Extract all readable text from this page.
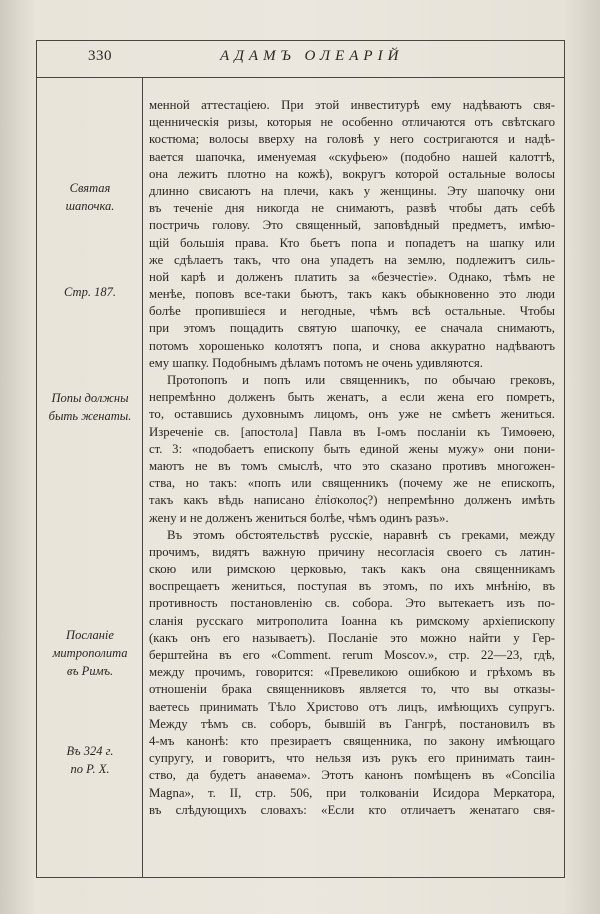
330	АДАМЪ ОЛЕАРІЙ
Святая
шапочка.
Стр. 187.
Попы должны
быть женаты.
Посланіе
митрополита
въ Римъ.
Въ 324 г.
по Р. Х.
менной аттестаціею. При этой инвеститурѣ ему надѣваютъ свя-
щенническія ризы, которыя не особенно отличаются отъ свѣтскаго
костюма; волосы вверху на головѣ у него состригаются и надѣ-
вается шапочка, именуемая «скуфьею» (подобно нашей калоттѣ,
она лежитъ плотно на кожѣ), вокругъ которой остальные волосы
длинно свисаютъ на плечи, какъ у женщины. Эту шапочку они
въ теченіе дня никогда не снимаютъ, развѣ чтобы дать себѣ
постричь голову. Это священный, заповѣдный предметъ, имѣю-
щій большія права. Кто бьетъ попа и попадетъ на шапку или
же сдѣлаетъ такъ, что она упадетъ на землю, подлежитъ силь-
ной карѣ и долженъ платить за «безчестіе». Однако, тѣмъ не
менѣе, поповъ все-таки бьютъ, такъ какъ обыкновенно это люди
болѣе пропившіеся и негодные, чѣмъ всѣ остальные. Чтобы
при этомъ пощадить святую шапочку, ее сначала снимаютъ,
потомъ хорошенько колотятъ попа, и снова аккуратно надѣваютъ
ему шапку. Подобнымъ дѣламъ потомъ не очень удивляются.
Протопопъ и попъ или священникъ, по обычаю грековъ,
непремѣнно долженъ быть женатъ, а если жена его помретъ,
то, оставшись духовнымъ лицомъ, онъ уже не смѣетъ жениться.
Изреченіе св. [апостола] Павла въ I-омъ посланіи къ Тимоѳею,
ст. 3: «подобаетъ епископу быть единой жены мужу» они пони-
маютъ не въ томъ смыслѣ, что это сказано противъ многожен-
ства, но такъ: «попъ или священникъ (почему же не епископъ,
такъ какъ вѣдь написано ἐπίσκοπος?) непремѣнно долженъ имѣть
жену и не долженъ жениться болѣе, чѣмъ одинъ разъ».
Въ этомъ обстоятельствѣ русскіе, наравнѣ съ греками, между
прочимъ, видятъ важную причину несогласія своего съ латин-
скою или римскою церковью, такъ какъ она священникамъ
воспрещаетъ жениться, поступая въ этомъ, по ихъ мнѣнію, въ
противность постановленію св. собора. Это вытекаетъ изъ по-
сланія русскаго митрополита Іоанна къ римскому архіепископу
(какъ онъ его называетъ). Посланіе это можно найти у Гер-
берштейна въ его «Comment. rerum Moscov.», стр. 22—23, гдѣ,
между прочимъ, говорится: «Превеликою ошибкою и грѣхомъ въ
отношеніи брака священниковъ является то, что вы отказы-
ваетесь принимать Тѣло Христово отъ лицъ, имѣющихъ супругъ.
Между тѣмъ св. соборъ, бывшій въ Гангрѣ, постановилъ въ
4-мъ канонѣ: кто презираетъ священника, по закону имѣющаго
супругу, и говоритъ, что нельзя изъ рукъ его принимать таин-
ство, да будетъ анаѳема». Этотъ канонъ помѣщенъ въ «Concilia
Magna», т. II, стр. 506, при толкованіи Исидора Меркатора,
въ слѣдующихъ словахъ: «Если кто отличаетъ женатаго свя-
